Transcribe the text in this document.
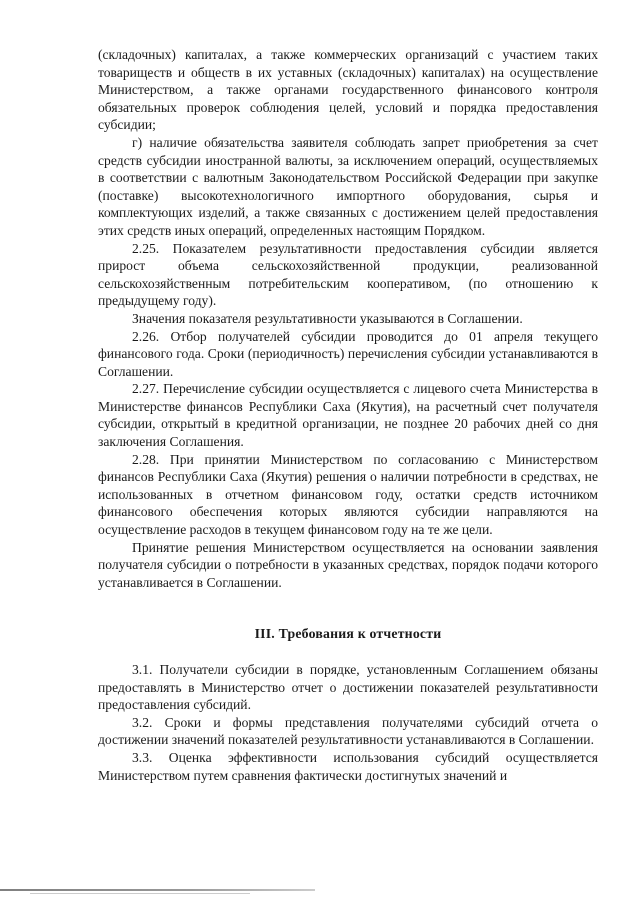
(складочных) капиталах, а также коммерческих организаций с участием таких товариществ и обществ в их уставных (складочных) капиталах) на осуществление Министерством, а также органами государственного финансового контроля обязательных проверок соблюдения целей, условий и порядка предоставления субсидии;

г) наличие обязательства заявителя соблюдать запрет приобретения за счет средств субсидии иностранной валюты, за исключением операций, осуществляемых в соответствии с валютным Законодательством Российской Федерации при закупке (поставке) высокотехнологичного импортного оборудования, сырья и комплектующих изделий, а также связанных с достижением целей предоставления этих средств иных операций, определенных настоящим Порядком.

2.25. Показателем результативности предоставления субсидии является прирост объема сельскохозяйственной продукции, реализованной сельскохозяйственным потребительским кооперативом, (по отношению к предыдущему году).

Значения показателя результативности указываются в Соглашении.

2.26. Отбор получателей субсидии проводится до 01 апреля текущего финансового года. Сроки (периодичность) перечисления субсидии устанавливаются в Соглашении.

2.27. Перечисление субсидии осуществляется с лицевого счета Министерства в Министерстве финансов Республики Саха (Якутия), на расчетный счет получателя субсидии, открытый в кредитной организации, не позднее 20 рабочих дней со дня заключения Соглашения.

2.28. При принятии Министерством по согласованию с Министерством финансов Республики Саха (Якутия) решения о наличии потребности в средствах, не использованных в отчетном финансовом году, остатки средств источником финансового обеспечения которых являются субсидии направляются на осуществление расходов в текущем финансовом году на те же цели.

Принятие решения Министерством осуществляется на основании заявления получателя субсидии о потребности в указанных средствах, порядок подачи которого устанавливается в Соглашении.

III. Требования к отчетности

3.1. Получатели субсидии в порядке, установленным Соглашением обязаны предоставлять в Министерство отчет о достижении показателей результативности предоставления субсидий.

3.2. Сроки и формы представления получателями субсидий отчета о достижении значений показателей результативности устанавливаются в Соглашении.

3.3. Оценка эффективности использования субсидий осуществляется Министерством путем сравнения фактически достигнутых значений и
